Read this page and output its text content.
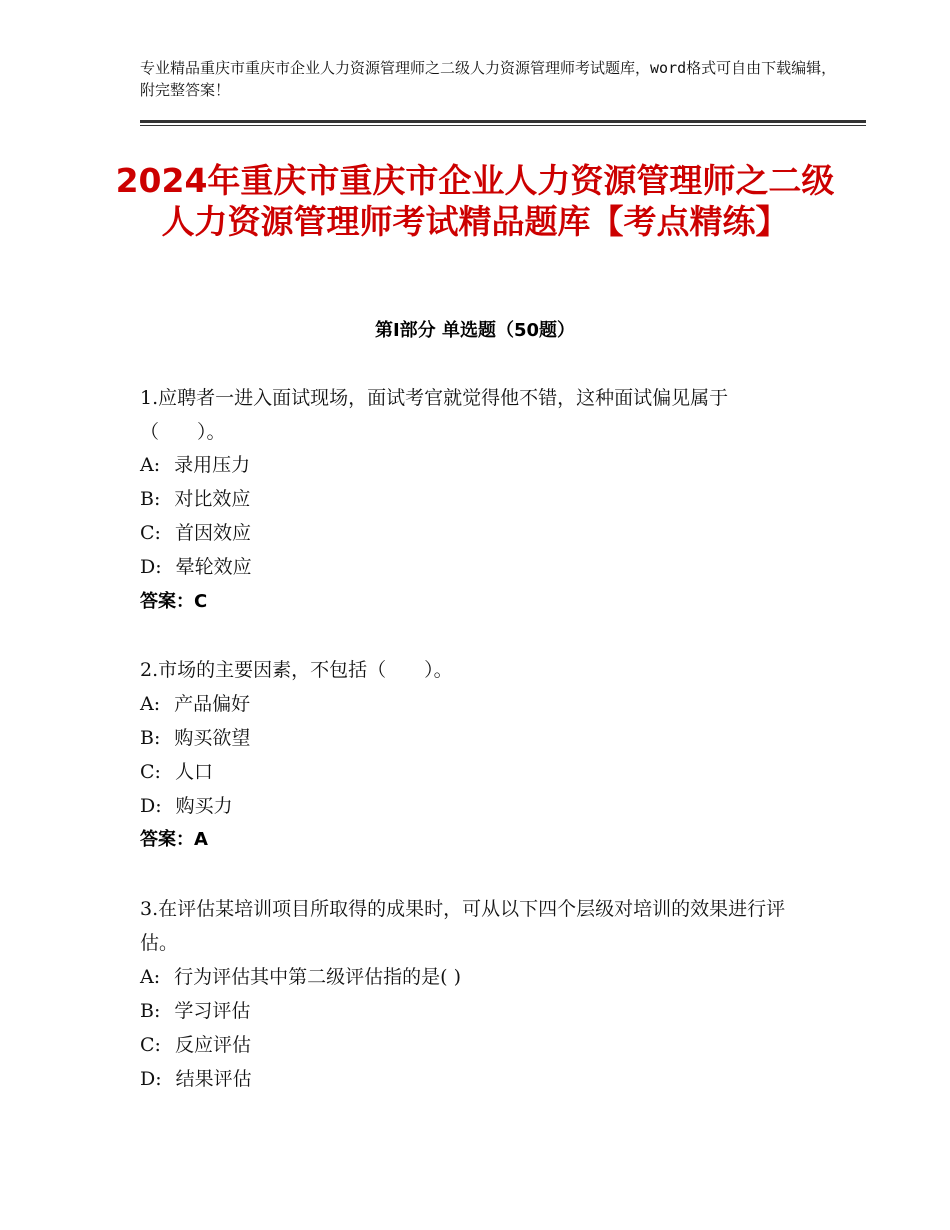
专业精品重庆市重庆市企业人力资源管理师之二级人力资源管理师考试题库，word格式可自由下载编辑，附完整答案！
2024年重庆市重庆市企业人力资源管理师之二级人力资源管理师考试精品题库【考点精练】
第Ⅰ部分 单选题（50题）
1.应聘者一进入面试现场，面试考官就觉得他不错，这种面试偏见属于（　　）。
A: 录用压力
B: 对比效应
C: 首因效应
D: 晕轮效应
答案：C
2.市场的主要因素，不包括（　　）。
A: 产品偏好
B: 购买欲望
C: 人口
D: 购买力
答案：A
3.在评估某培训项目所取得的成果时，可从以下四个层级对培训的效果进行评估。
A: 行为评估其中第二级评估指的是( )
B: 学习评估
C: 反应评估
D: 结果评估
